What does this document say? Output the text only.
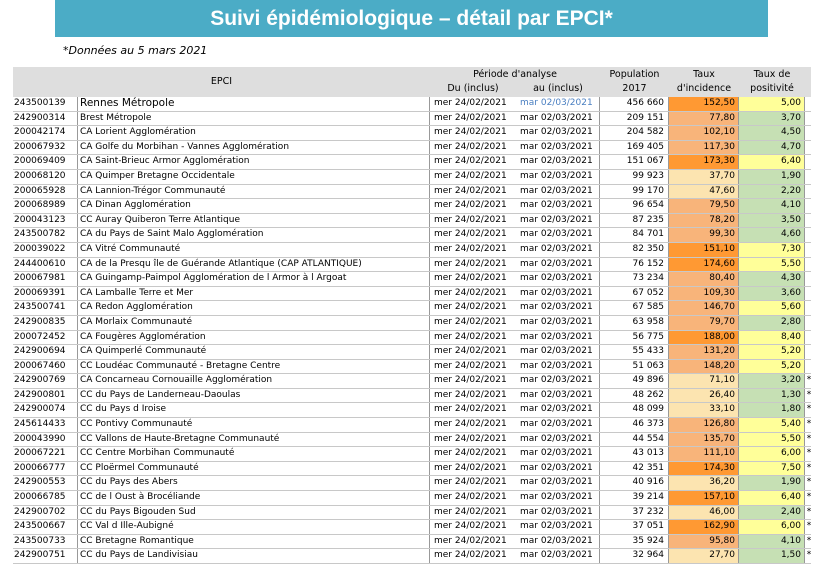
Suivi épidémiologique – détail par EPCI*
*Données au 5 mars 2021
EPCI
Période d'analyse
Du (inclus)	au (inclus)
Population
2017
Taux
d'incidence
Taux de
positivité
243500139	Rennes Métropole	mer 24/02/2021	mar 02/03/2021	456 660	152,50	5,00
242900314	Brest Métropole	mer 24/02/2021	mar 02/03/2021	209 151	77,80	3,70
200042174	CA Lorient Agglomération	mer 24/02/2021	mar 02/03/2021	204 582	102,10	4,50
200067932	CA Golfe du Morbihan - Vannes Agglomération	mer 24/02/2021	mar 02/03/2021	169 405	117,30	4,70
200069409	CA Saint-Brieuc Armor Agglomération	mer 24/02/2021	mar 02/03/2021	151 067	173,30	6,40
200068120	CA Quimper Bretagne Occidentale	mer 24/02/2021	mar 02/03/2021	99 923	37,70	1,90
200065928	CA Lannion-Trégor Communauté	mer 24/02/2021	mar 02/03/2021	99 170	47,60	2,20
200068989	CA Dinan Agglomération	mer 24/02/2021	mar 02/03/2021	96 654	79,50	4,10
200043123	CC Auray Quiberon Terre Atlantique	mer 24/02/2021	mar 02/03/2021	87 235	78,20	3,50
243500782	CA du Pays de Saint Malo Agglomération	mer 24/02/2021	mar 02/03/2021	84 701	99,30	4,60
200039022	CA Vitré Communauté	mer 24/02/2021	mar 02/03/2021	82 350	151,10	7,30
244400610	CA de la Presqu île de Guérande Atlantique (CAP ATLANTIQUE)	mer 24/02/2021	mar 02/03/2021	76 152	174,60	5,50
200067981	CA Guingamp-Paimpol Agglomération de l Armor à l Argoat	mer 24/02/2021	mar 02/03/2021	73 234	80,40	4,30
200069391	CA Lamballe Terre et Mer	mer 24/02/2021	mar 02/03/2021	67 052	109,30	3,60
243500741	CA Redon Agglomération	mer 24/02/2021	mar 02/03/2021	67 585	146,70	5,60
242900835	CA Morlaix Communauté	mer 24/02/2021	mar 02/03/2021	63 958	79,70	2,80
200072452	CA Fougères Agglomération	mer 24/02/2021	mar 02/03/2021	56 775	188,00	8,40
242900694	CA Quimperlé Communauté	mer 24/02/2021	mar 02/03/2021	55 433	131,20	5,20
200067460	CC Loudéac Communauté - Bretagne Centre	mer 24/02/2021	mar 02/03/2021	51 063	148,20	5,20
242900769	CA Concarneau Cornouaille Agglomération	mer 24/02/2021	mar 02/03/2021	49 896	71,10	3,20 *
242900801	CC du Pays de Landerneau-Daoulas	mer 24/02/2021	mar 02/03/2021	48 262	26,40	1,30 *
242900074	CC du Pays d Iroise	mer 24/02/2021	mar 02/03/2021	48 099	33,10	1,80 *
245614433	CC Pontivy Communauté	mer 24/02/2021	mar 02/03/2021	46 373	126,80	5,40 *
200043990	CC Vallons de Haute-Bretagne Communauté	mer 24/02/2021	mar 02/03/2021	44 554	135,70	5,50 *
200067221	CC Centre Morbihan Communauté	mer 24/02/2021	mar 02/03/2021	43 013	111,10	6,00 *
200066777	CC Ploërmel Communauté	mer 24/02/2021	mar 02/03/2021	42 351	174,30	7,50 *
242900553	CC du Pays des Abers	mer 24/02/2021	mar 02/03/2021	40 916	36,20	1,90 *
200066785	CC de l Oust à Brocéliande	mer 24/02/2021	mar 02/03/2021	39 214	157,10	6,40 *
242900702	CC du Pays Bigouden Sud	mer 24/02/2021	mar 02/03/2021	37 232	46,00	2,40 *
243500667	CC Val d Ille-Aubigné	mer 24/02/2021	mar 02/03/2021	37 051	162,90	6,00 *
243500733	CC Bretagne Romantique	mer 24/02/2021	mar 02/03/2021	35 924	95,80	4,10 *
242900751	CC du Pays de Landivisiau	mer 24/02/2021	mar 02/03/2021	32 964	27,70	1,50 *
